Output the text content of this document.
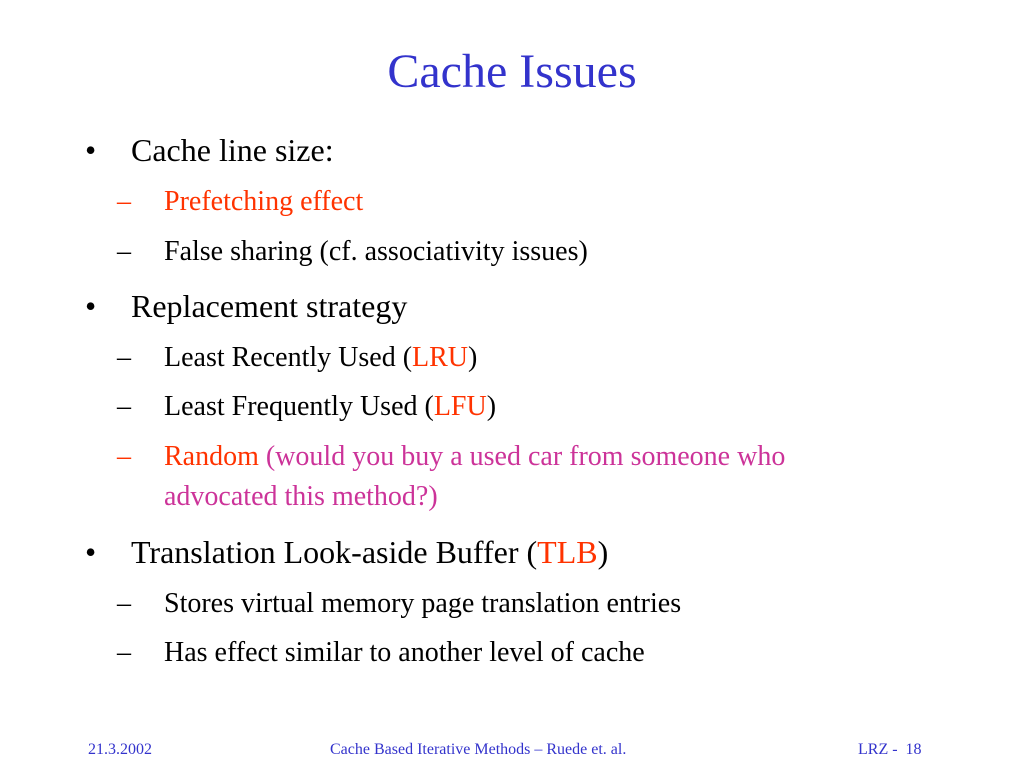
Cache Issues
• Cache line size:
– Prefetching effect
– False sharing (cf. associativity issues)
• Replacement strategy
– Least Recently Used (LRU)
– Least Frequently Used (LFU)
– Random (would you buy a used car from someone who
advocated this method?)
• Translation Look-aside Buffer (TLB)
– Stores virtual memory page translation entries
– Has effect similar to another level of cache
21.3.2002	Cache Based Iterative Methods – Ruede et. al.	LRZ -  18
